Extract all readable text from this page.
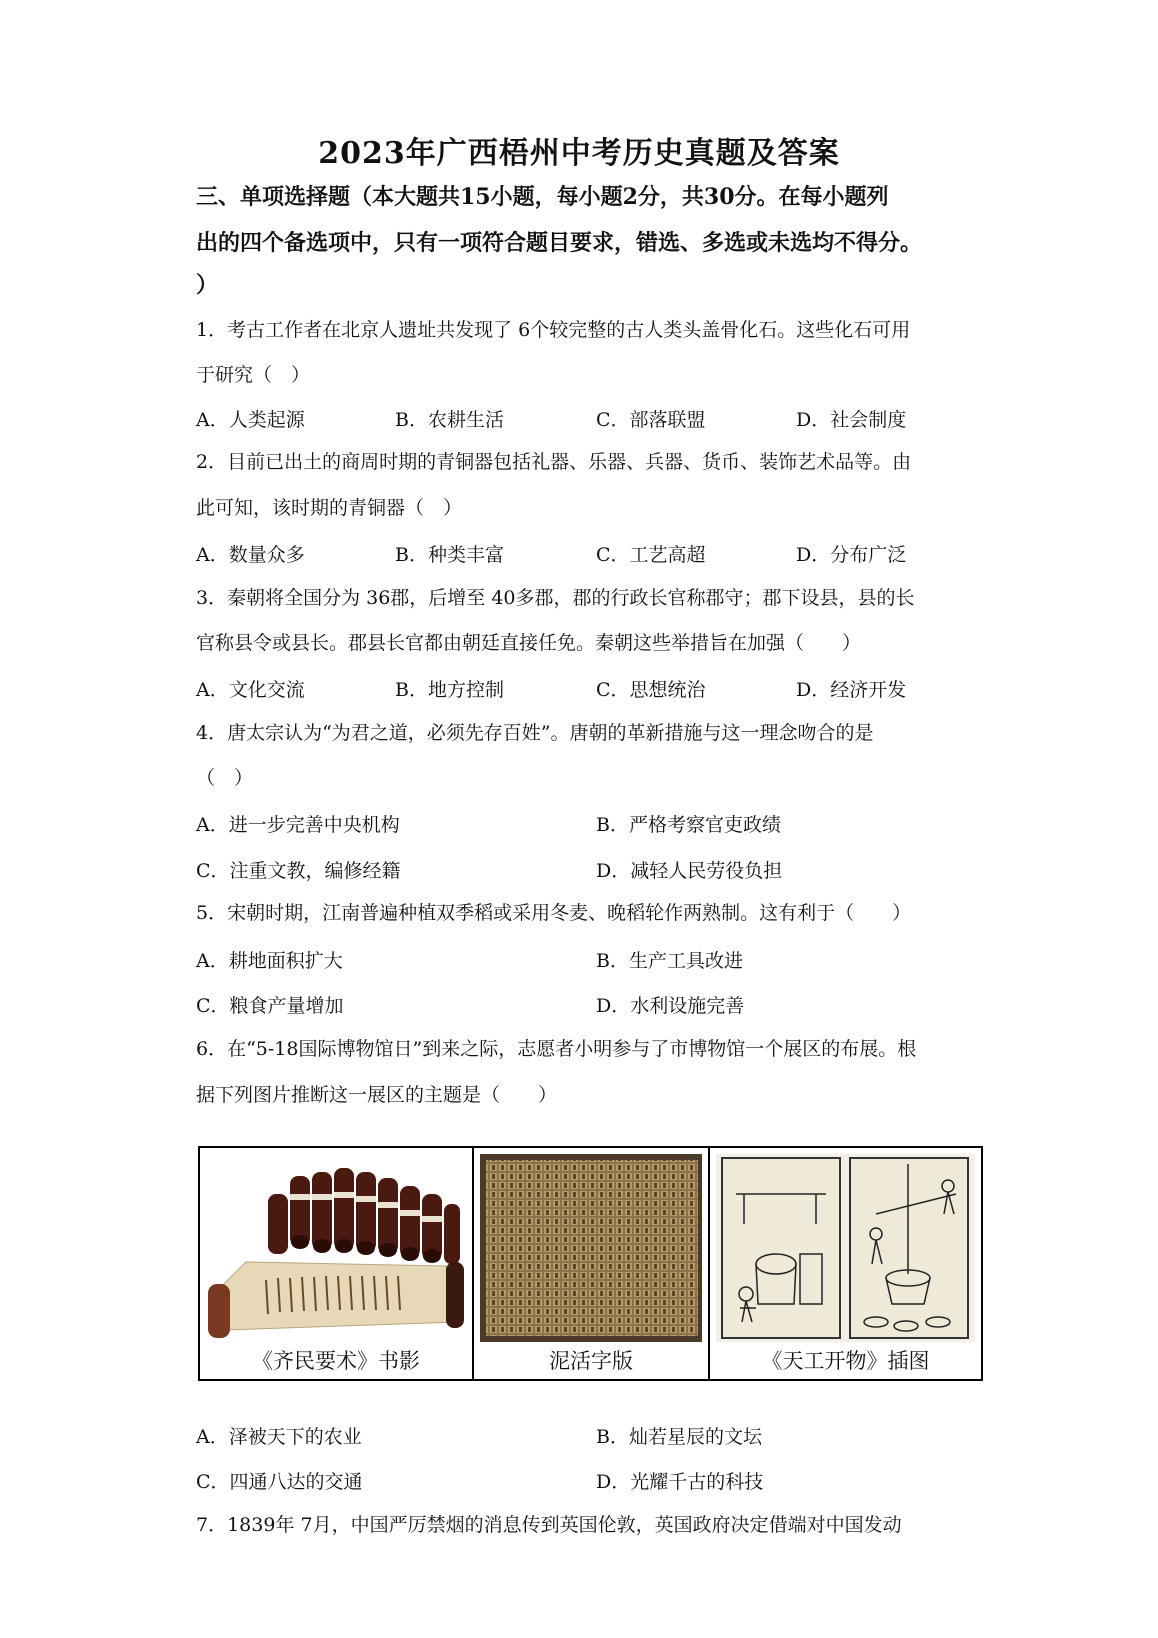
2023年广西梧州中考历史真题及答案
三、单项选择题（本大题共15小题，每小题2分，共30分。在每小题列
出的四个备选项中，只有一项符合题目要求，错选、多选或未选均不得分。
）
1．考古工作者在北京人遗址共发现了 6个较完整的古人类头盖骨化石。这些化石可用
于研究（　）
A．人类起源	B．农耕生活	C．部落联盟	D．社会制度
2．目前已出土的商周时期的青铜器包括礼器、乐器、兵器、货币、装饰艺术品等。由
此可知，该时期的青铜器（　）
A．数量众多	B．种类丰富	C．工艺高超	D．分布广泛
3．秦朝将全国分为 36郡，后增至 40多郡，郡的行政长官称郡守；郡下设县，县的长
官称县令或县长。郡县长官都由朝廷直接任免。秦朝这些举措旨在加强（　　）
A．文化交流	B．地方控制	C．思想统治	D．经济开发
4．唐太宗认为“为君之道，必须先存百姓”。唐朝的革新措施与这一理念吻合的是
（　）
A．进一步完善中央机构	B．严格考察官吏政绩
C．注重文教，编修经籍	D．减轻人民劳役负担
5．宋朝时期，江南普遍种植双季稻或采用冬麦、晚稻轮作两熟制。这有利于（　　）
A．耕地面积扩大	B．生产工具改进
C．粮食产量增加	D．水利设施完善
6．在“5-18国际博物馆日”到来之际，志愿者小明参与了市博物馆一个展区的布展。根
据下列图片推断这一展区的主题是（　　）
《齐民要术》书影	泥活字版	《天工开物》插图
A．泽被天下的农业	B．灿若星辰的文坛
C．四通八达的交通	D．光耀千古的科技
7．1839年 7月，中国严厉禁烟的消息传到英国伦敦，英国政府决定借端对中国发动
